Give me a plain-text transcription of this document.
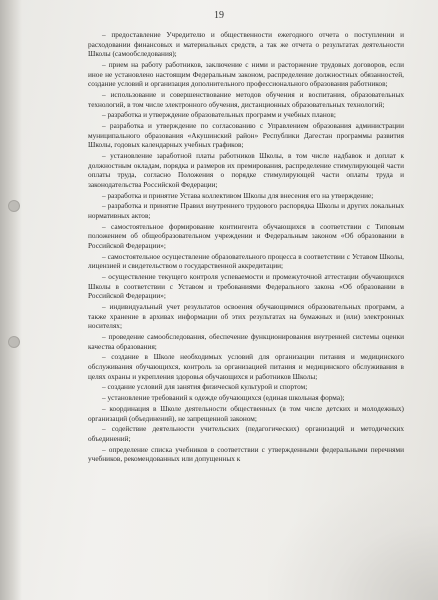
19

– предоставление Учредителю и общественности ежегодного отчета о поступлении и расходовании финансовых и материальных средств, а так же отчета о результатах деятельности Школы (самообследования);

– прием на работу работников, заключение с ними и расторжение трудовых договоров, если иное не установлено настоящим Федеральным законом, распределение должностных обязанностей, создание условий и организация дополнительного профессионального образования работников;

– использование и совершенствование методов обучения и воспитания, образовательных технологий, в том числе электронного обучения, дистанционных образовательных технологий;

– разработка и утверждение образовательных программ и учебных планов;

– разработка и утверждение по согласованию с Управлением образования администрации муниципального образования «Акушинский район» Республики Дагестан программы развития Школы, годовых календарных учебных графиков;

– установление заработной платы работников Школы, в том числе надбавок и доплат к должностным окладам, порядка и размеров их премирования, распределение стимулирующей части оплаты труда, согласно Положения о порядке стимулирующей части оплаты труда и законодательства Российской Федерации;

– разработка и принятие Устава коллективом Школы для внесения его на утверждение;

– разработка и принятие Правил внутреннего трудового распорядка Школы и других локальных нормативных актов;

– самостоятельное формирование контингента обучающихся в соответствии с Типовым положением об общеобразовательном учреждении и Федеральным законом «Об образовании в Российской Федерации»;

– самостоятельное осуществление образовательного процесса в соответствии с Уставом Школы, лицензией и свидетельством о государственной аккредитации;

– осуществление текущего контроля успеваемости и промежуточной аттестации обучающихся Школы в соответствии с Уставом и требованиями Федерального закона «Об образовании в Российской Федерации»;

– индивидуальный учет результатов освоения обучающимися образовательных программ, а также хранение в архивах информации об этих результатах на бумажных и (или) электронных носителях;

– проведение самообследования, обеспечение функционирования внутренней системы оценки качества образования;

– создание в Школе необходимых условий для организации питания и медицинского обслуживания обучающихся, контроль за организацией питания и медицинского обслуживания в целях охраны и укрепления здоровья обучающихся и работников Школы;

– создание условий для занятия физической культурой и спортом;

– установление требований к одежде обучающихся (единая школьная форма);

– координация в Школе деятельности общественных (в том числе детских и молодежных) организаций (объединений), не запрещенной законом;

– содействие деятельности учительских (педагогических) организаций и методических объединений;

– определение списка учебников в соответствии с утвержденными федеральными перечнями учебников, рекомендованных или допущенных к
